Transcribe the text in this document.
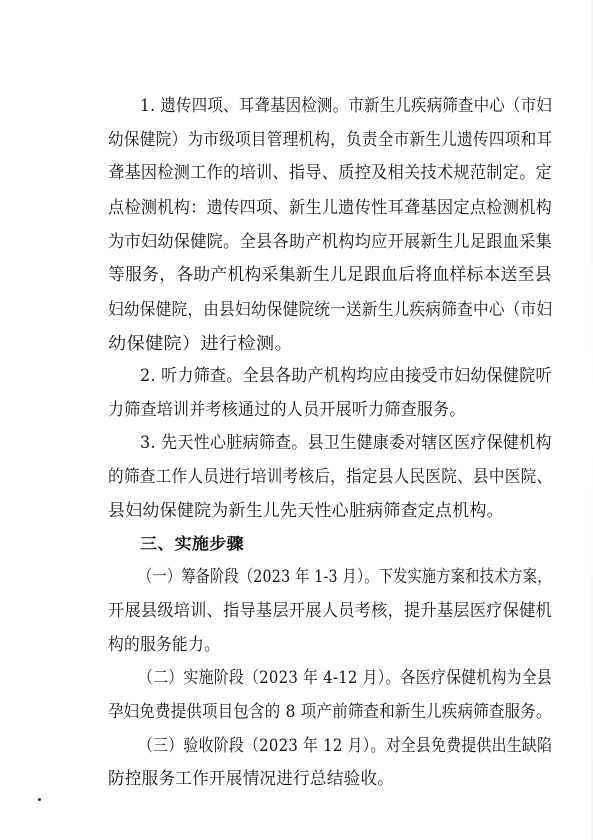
1. 遗传四项、耳聋基因检测。市新生儿疾病筛查中心（市妇
幼保健院）为市级项目管理机构，负责全市新生儿遗传四项和耳
聋基因检测工作的培训、指导、质控及相关技术规范制定。定
点检测机构：遗传四项、新生儿遗传性耳聋基因定点检测机构
为市妇幼保健院。全县各助产机构均应开展新生儿足跟血采集
等服务，各助产机构采集新生儿足跟血后将血样标本送至县
妇幼保健院，由县妇幼保健院统一送新生儿疾病筛查中心（市妇
幼保健院）进行检测。
2. 听力筛查。全县各助产机构均应由接受市妇幼保健院听
力筛查培训并考核通过的人员开展听力筛查服务。
3. 先天性心脏病筛查。县卫生健康委对辖区医疗保健机构
的筛查工作人员进行培训考核后，指定县人民医院、县中医院、
县妇幼保健院为新生儿先天性心脏病筛查定点机构。
三、实施步骤
（一）筹备阶段（2023 年 1-3 月）。下发实施方案和技术方案，
开展县级培训、指导基层开展人员考核，提升基层医疗保健机
构的服务能力。
（二）实施阶段（2023 年 4-12 月）。各医疗保健机构为全县
孕妇免费提供项目包含的 8 项产前筛查和新生儿疾病筛查服务。
（三）验收阶段（2023 年 12 月）。对全县免费提供出生缺陷
防控服务工作开展情况进行总结验收。
